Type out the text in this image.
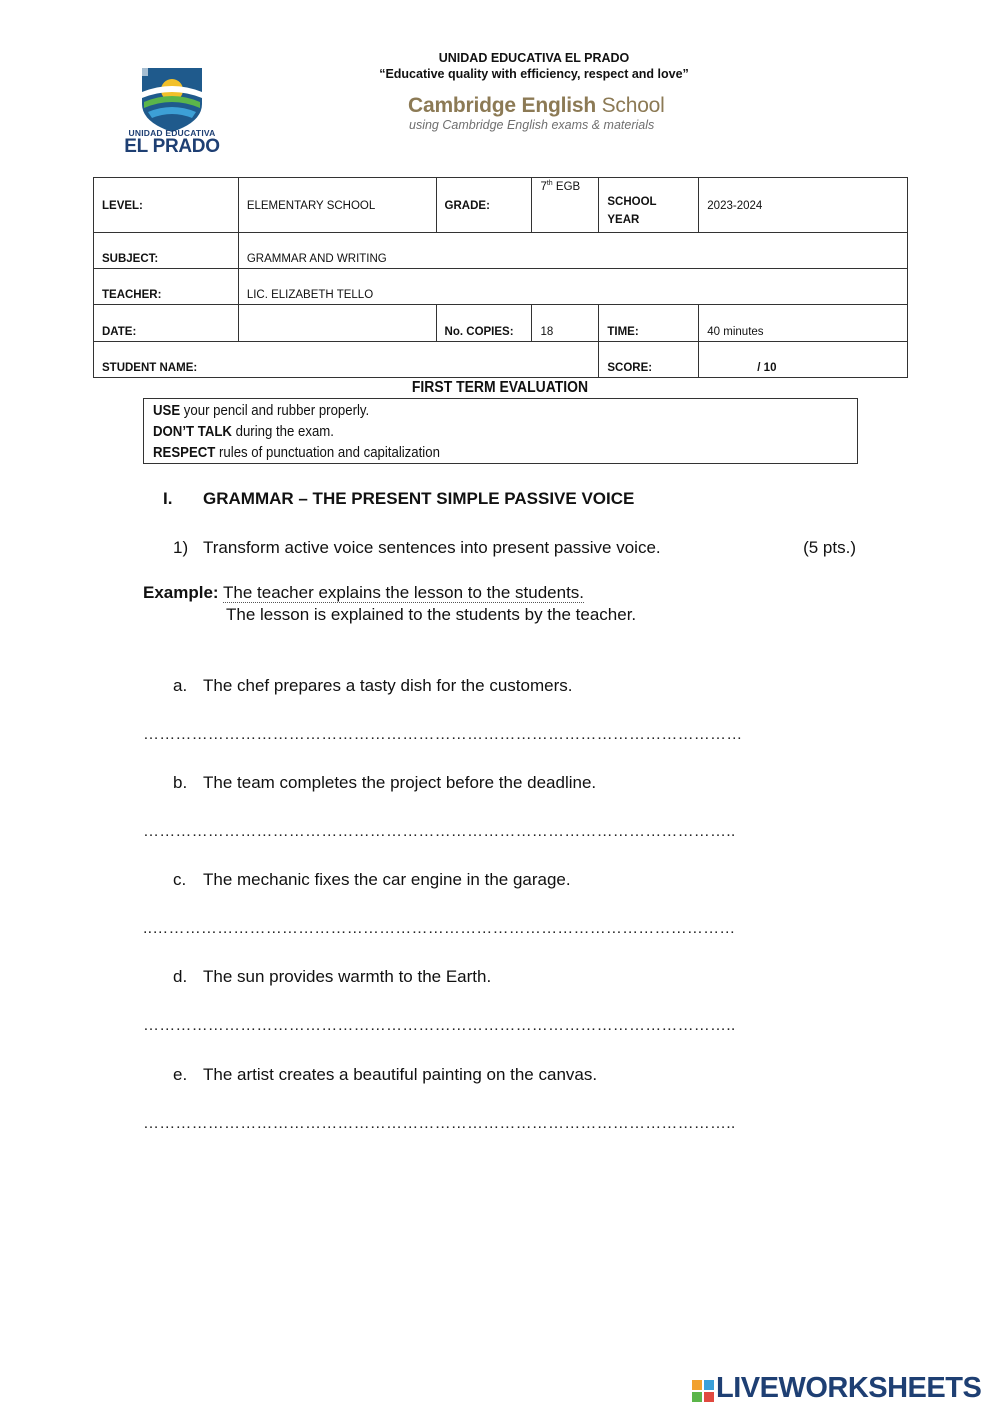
UNIDAD EDUCATIVA
EL PRADO
UNIDAD EDUCATIVA EL PRADO
“Educative quality with efficiency, respect and love”
Cambridge English School
using Cambridge English exams & materials
LEVEL:	ELEMENTARY SCHOOL	GRADE:	7th EGB	SCHOOL YEAR	2023-2024
SUBJECT:	GRAMMAR AND WRITING				
TEACHER:	LIC. ELIZABETH TELLO				
DATE:		No. COPIES:	18	TIME:	40 minutes
STUDENT NAME:				SCORE:	/ 10
FIRST TERM EVALUATION
USE your pencil and rubber properly.
DON’T TALK during the exam.
RESPECT rules of punctuation and capitalization
I. GRAMMAR – THE PRESENT SIMPLE PASSIVE VOICE
1) Transform active voice sentences into present passive voice.	(5 pts.)
Example: The teacher explains the lesson to the students.
The lesson is explained to the students by the teacher.
a. The chef prepares a tasty dish for the customers.
…………………………………………………………………………………………………
b. The team completes the project before the deadline.
………………………………………………………………………………………………..
c. The mechanic fixes the car engine in the garage.
..………………………………………………………………………………………………
d. The sun provides warmth to the Earth.
………………………………………………………………………………………………..
e. The artist creates a beautiful painting on the canvas.
………………………………………………………………………………………………..
LIVEWORKSHEETS
